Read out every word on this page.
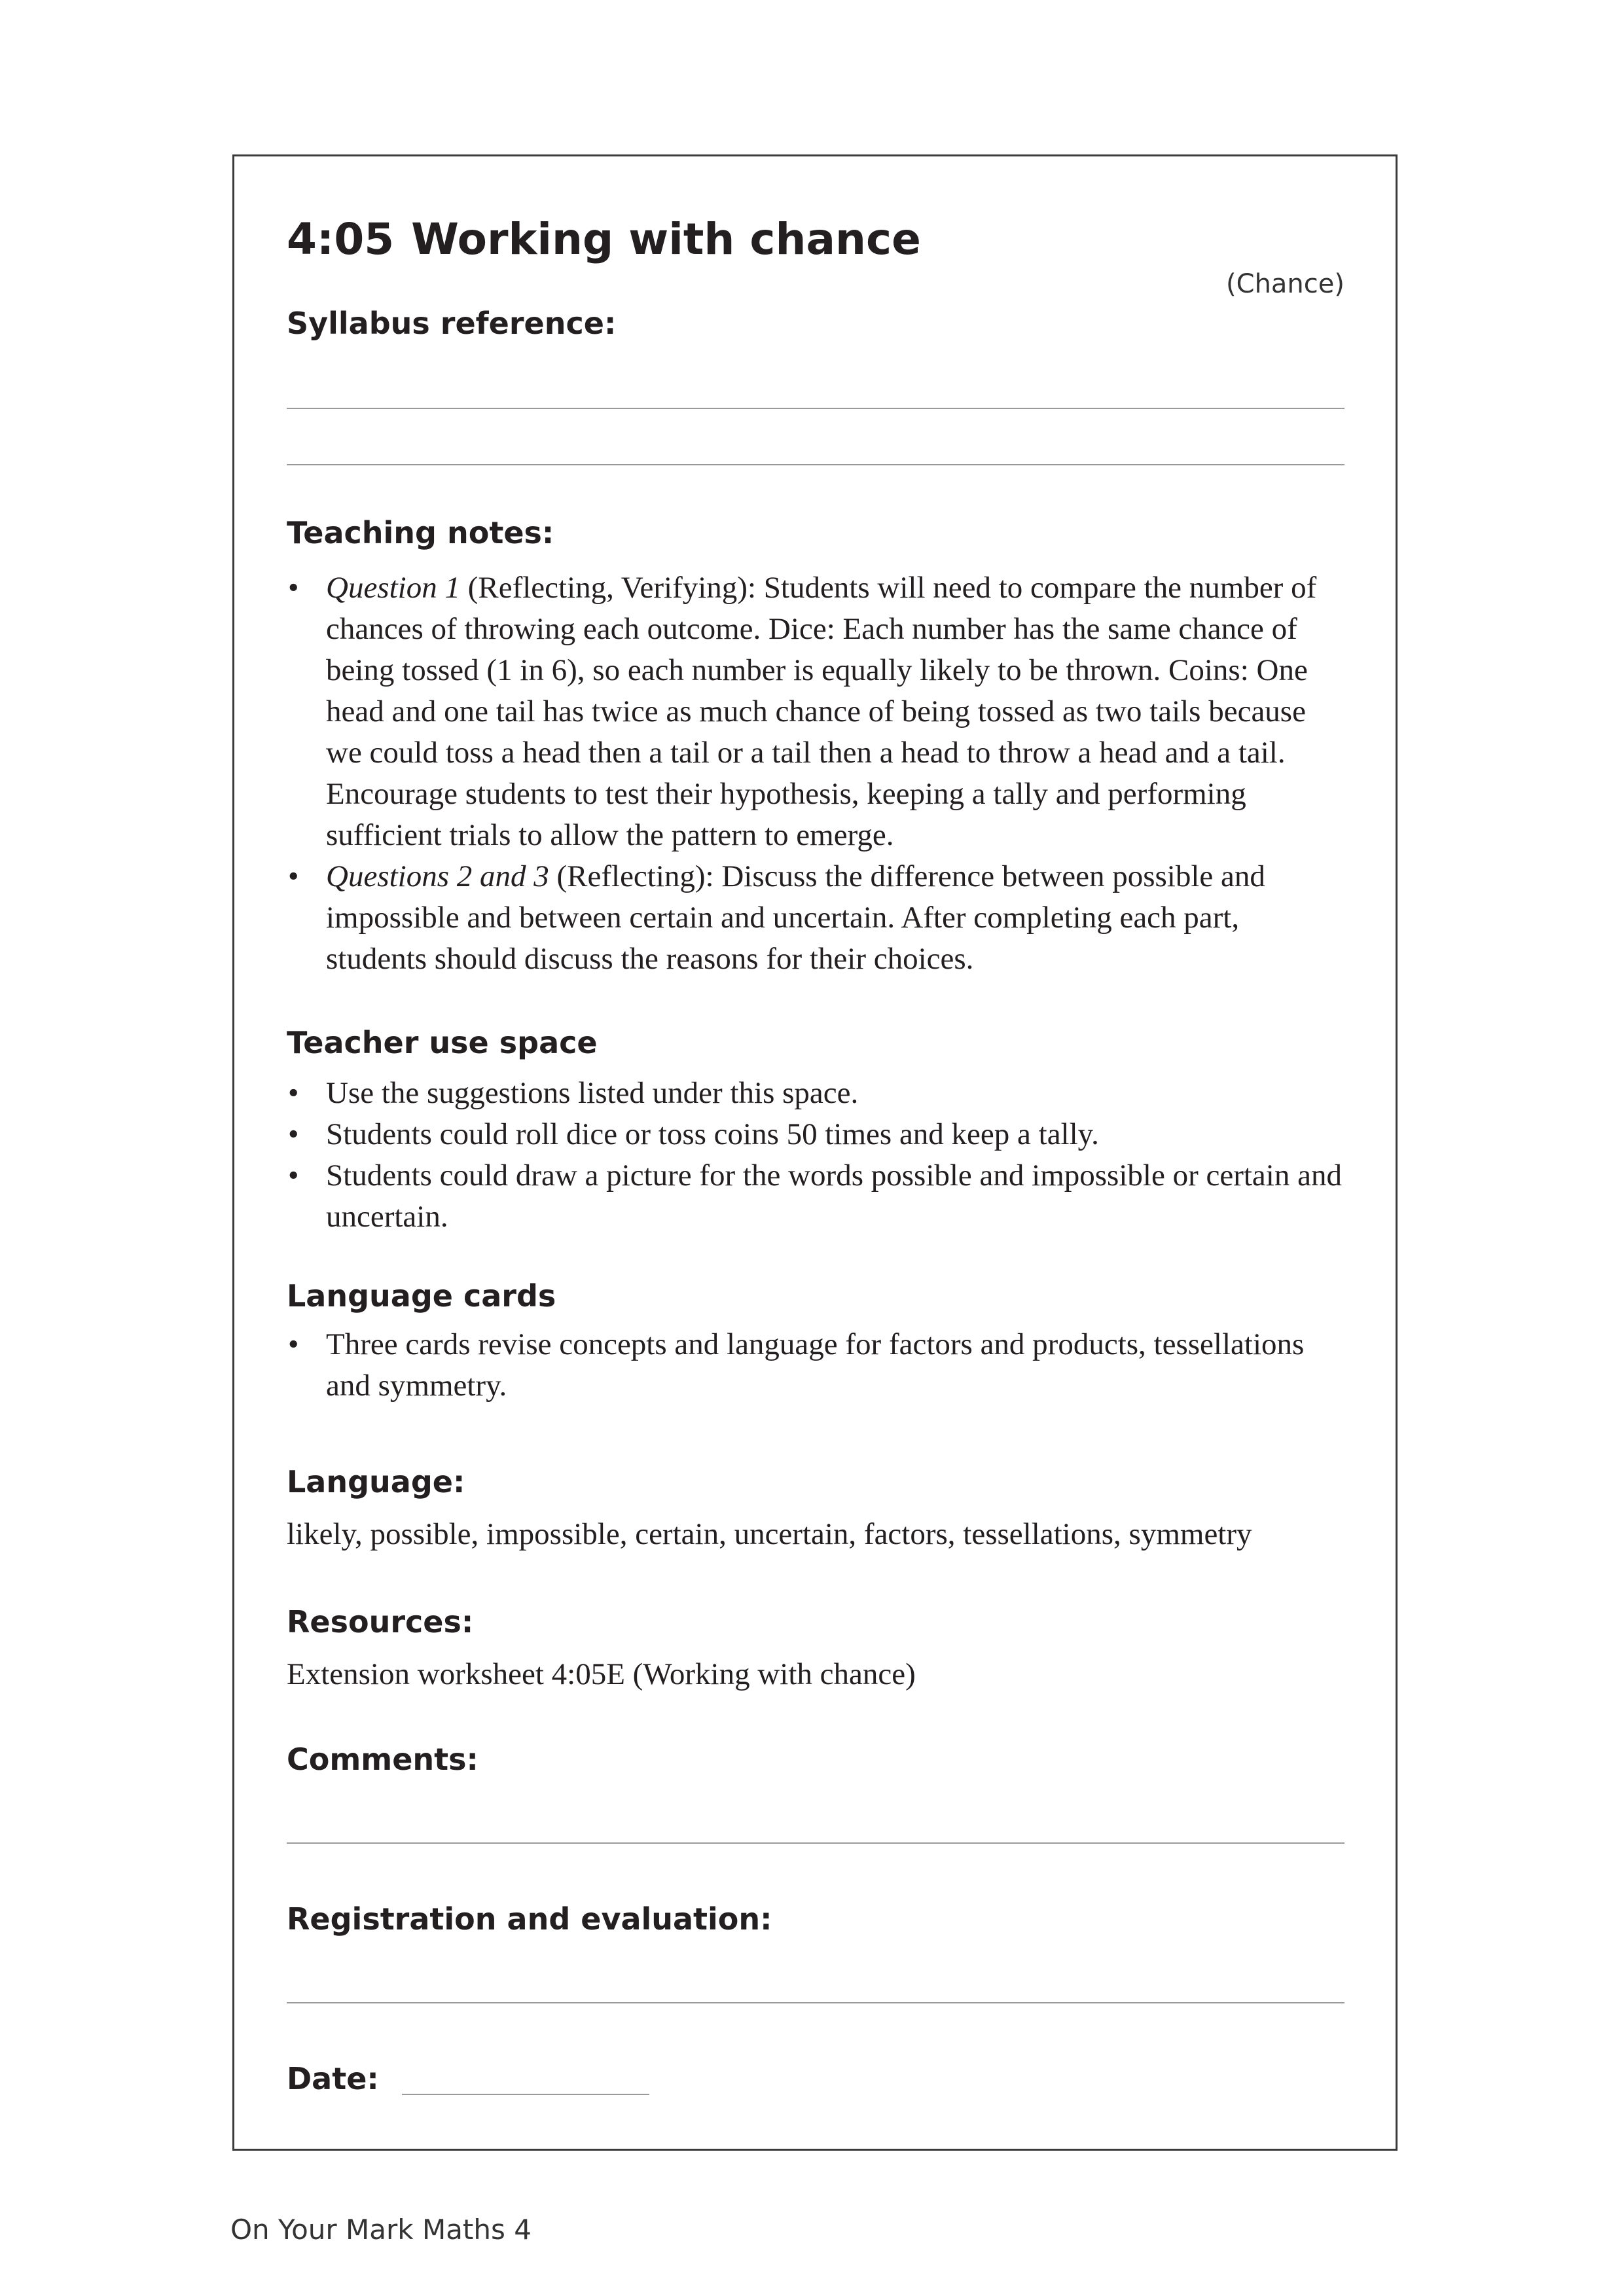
4:05 Working with chance
(Chance)
Syllabus reference:
Teaching notes:
• Question 1 (Reflecting, Verifying): Students will need to compare the number of chances of throwing each outcome. Dice: Each number has the same chance of being tossed (1 in 6), so each number is equally likely to be thrown. Coins: One head and one tail has twice as much chance of being tossed as two tails because we could toss a head then a tail or a tail then a head to throw a head and a tail. Encourage students to test their hypothesis, keeping a tally and performing sufficient trials to allow the pattern to emerge.
• Questions 2 and 3 (Reflecting): Discuss the difference between possible and impossible and between certain and uncertain. After completing each part, students should discuss the reasons for their choices.
Teacher use space
• Use the suggestions listed under this space.
• Students could roll dice or toss coins 50 times and keep a tally.
• Students could draw a picture for the words possible and impossible or certain and uncertain.
Language cards
• Three cards revise concepts and language for factors and products, tessellations and symmetry.
Language:

likely, possible, impossible, certain, uncertain, factors, tessellations, symmetry

Resources:

Extension worksheet 4:05E (Working with chance)

Comments:
Registration and evaluation:
Date:
On Your Mark Maths 4
